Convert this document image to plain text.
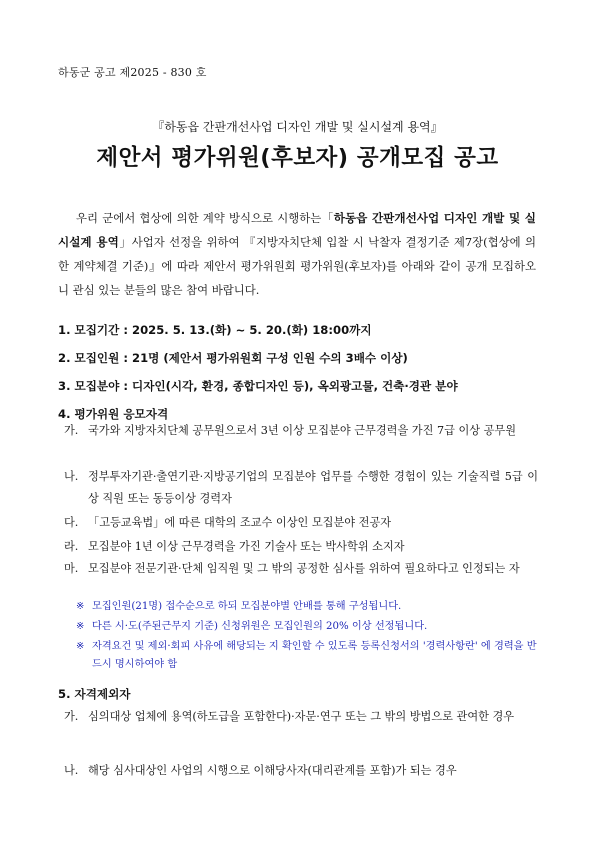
하동군 공고 제2025 - 830 호
『하동읍 간판개선사업 디자인 개발 및 실시설계 용역』
제안서 평가위원(후보자) 공개모집 공고

우리 군에서 협상에 의한 계약 방식으로 시행하는「하동읍 간판개선사업 디자인 개발 및 실시설계 용역」사업자 선정을 위하여 『지방자치단체 입찰 시 낙찰자 결정기준 제7장(협상에 의한 계약체결 기준)』에 따라 제안서 평가위원회 평가위원(후보자)를 아래와 같이 공개 모집하오니 관심 있는 분들의 많은 참여 바랍니다.

1. 모집기간 : 2025. 5. 13.(화) ~ 5. 20.(화) 18:00까지
2. 모집인원 : 21명 (제안서 평가위원회 구성 인원 수의 3배수 이상)
3. 모집분야 : 디자인(시각, 환경, 종합디자인 등), 옥외광고물, 건축·경관 분야
4. 평가위원 응모자격
가. 국가와 지방자치단체 공무원으로서 3년 이상 모집분야 근무경력을 가진 7급 이상 공무원
나. 정부투자기관·출연기관·지방공기업의 모집분야 업무를 수행한 경험이 있는 기술직렬 5급 이상 직원 또는 동등이상 경력자
다. 「고등교육법」에 따른 대학의 조교수 이상인 모집분야 전공자
라. 모집분야 1년 이상 근무경력을 가진 기술사 또는 박사학위 소지자
마. 모집분야 전문기관·단체 임직원 및 그 밖의 공정한 심사를 위하여 필요하다고 인정되는 자
※ 모집인원(21명) 접수순으로 하되 모집분야별 안배를 통해 구성됩니다.
※ 다른 시·도(주된근무지 기준) 신청위원은 모집인원의 20% 이상 선정됩니다.
※ 자격요건 및 제외·회피 사유에 해당되는 지 확인할 수 있도록 등록신청서의 '경력사항란' 에 경력을 반드시 명시하여야 함
5. 자격제외자
가. 심의대상 업체에 용역(하도급을 포함한다)·자문·연구 또는 그 밖의 방법으로 관여한 경우
나. 해당 심사대상인 사업의 시행으로 이해당사자(대리관계를 포함)가 되는 경우
